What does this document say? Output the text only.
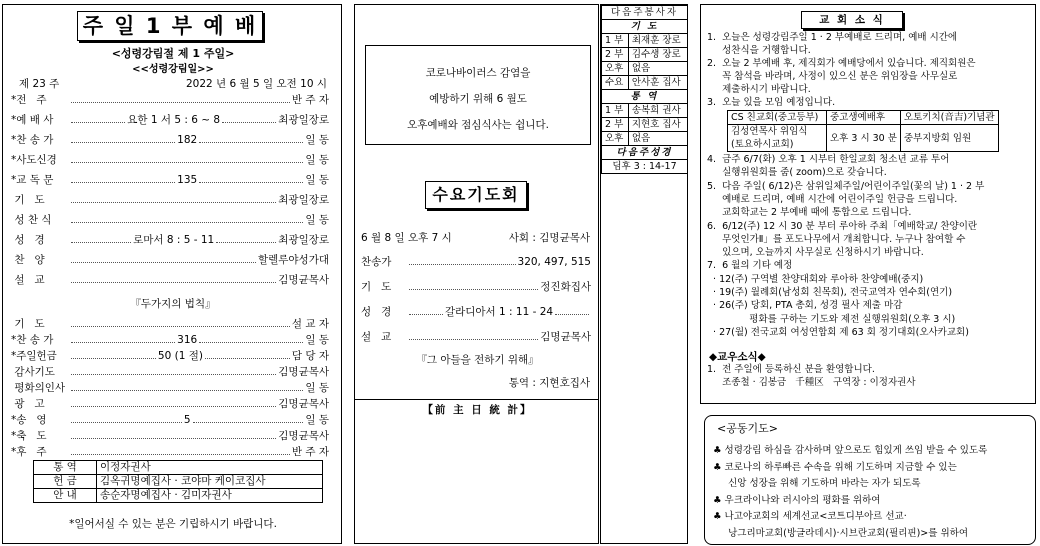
주 일 1 부 예 배
<성령강림절 제 1 주일>
<<성령강림일>>
제 23 주	2022 년 6 월 5 일 오전 10 시
*전   주	반 주 자
*예 배 사	요한 1 서 5 : 6 ~ 8	최광일장로
*찬 송 가	182	일 동
*사도신경	일 동
*교 독 문	135	일 동
기   도	최광일장로
성 찬 식	일 동
성   경	로마서 8 : 5 - 11	최광일장로
찬   양	할렐루야성가대
설   교	김명균목사
『두가지의 법칙』
기   도	설 교 자
*찬 송 가	316	일 동
*주일헌금	50 (1 절)	담 당 자
감사기도	김명균목사
평화의인사	일 동
광   고	김명균목사
*송   영	5	일 동
*축   도	김명균목사
*후   주	반 주 자
통 역	이정자권사
헌 금	김옥귀명예집사 · 코야마 케이코집사
안 내	송순자명예집사 · 김미자권사
*일어서실 수 있는 분은 기립하시기 바랍니다.
코로나바이러스 감염을
예방하기 위해 6 월도
오후예배와 점심식사는 쉽니다.
수요기도회
6 월 8 일 오후 7 시	사회 : 김명균목사
찬송가	320, 497, 515
기   도	정진화집사
성   경	갈라디아서 1 : 11 - 24
설   교	김명균목사
『그 아들을 전하기 위해』
통역 : 지현호집사
【前 主 日 統 計】
다음주봉사자	
기 도	
1 부	최재훈 장로
2 부	김수생 장로
오후	없음
수요	안사훈 집사
통 역	
1 부	송복희 권사
2 부	지현호 집사
오후	없음
다음주성경	
딤후 3 : 14-17	
교 회 소 식
1.  오늘은 성령강림주일 1 · 2 부예배로 드리며, 예배 시간에
성찬식을 거행합니다.
2.  오늘 2 부예배 후, 제직회가 예배당에서 있습니다. 제직회원은
꼭 참석을 바라며, 사정이 있으신 분은 위임장을 사무실로
제출하시기 바랍니다.
3.  오늘 있을 모임 예정입니다.
CS 친교회(중고등부)	중고생예배후	오토키치(音吉)기념관
김성연목사 위임식 (토요하시교회)	오후 3 시 30 분	중부지방회 임원
4.  금주 6/7(화) 오후 1 시부터 한일교회 청소년 교류 투어
실행위원회를 줌( zoom)으로 갖습니다.
5.  다음 주일( 6/12)은 삼위일체주일/어린이주일(꽃의 날) 1 · 2 부
예배로 드리며, 예배 시간에 어린이주일 헌금을 드립니다.
교회학교는 2 부예배 때에 통합으로 드립니다.
6.  6/12(주) 12 시 30 분 부터 루아하 주최「예배학교/ 찬양이란
무엇인가Ⅱ」를 포도나무에서 개최합니다. 누구나 참여할 수
있으며, 오늘까지 사무실로 신청하시기 바랍니다.
7.  6 월의 기타 예정
· 12(주) 구역별 찬양대회와 루아하 찬양예배(중지)
· 19(주) 월례회(남성회 친목회), 전국교역자 연수회(연기)
· 26(주) 당회, PTA 총회, 성경 필사 제출 마감
평화를 구하는 기도와 제전 실행위원회(오후 3 시)
· 27(월) 전국교회 여성연합회 제 63 회 정기대회(오사카교회)
◆교우소식◆
1.  전 주일에 등록하신 분을 환영합니다.
조종철 · 김봉금   千種区   구역장 : 이정자권사
<공동기도>
♣ 성령강림 하심을 감사하며 앞으로도 힘있게 쓰임 받을 수 있도록
♣ 코로나의 하루빠른 수속을 위해 기도하며 지금할 수 있는
신앙 성장을 위해 기도하며 바라는 자가 되도록
♣ 우크라이나와 러시아의 평화를 위하여
♣ 나고야교회의 세계선교<코트디부아르 선교·
낭그리마교회(방글라데시)·시브란교회(필리핀)>를 위하여
